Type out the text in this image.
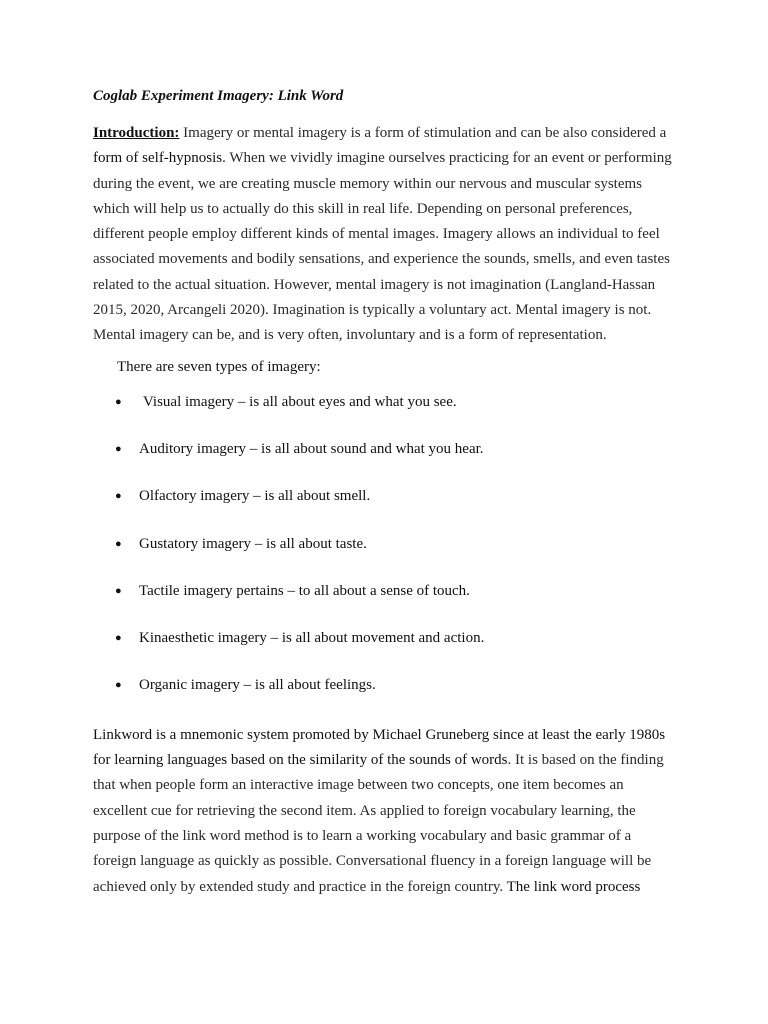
Coglab Experiment Imagery: Link Word

Introduction: Imagery or mental imagery is a form of stimulation and can be also considered a form of self-hypnosis. When we vividly imagine ourselves practicing for an event or performing during the event, we are creating muscle memory within our nervous and muscular systems which will help us to actually do this skill in real life. Depending on personal preferences, different people employ different kinds of mental images. Imagery allows an individual to feel associated movements and bodily sensations, and experience the sounds, smells, and even tastes related to the actual situation. However, mental imagery is not imagination (Langland-Hassan 2015, 2020, Arcangeli 2020). Imagination is typically a voluntary act. Mental imagery is not. Mental imagery can be, and is very often, involuntary and is a form of representation.

There are seven types of imagery:

● Visual imagery – is all about eyes and what you see.
● Auditory imagery – is all about sound and what you hear.
● Olfactory imagery – is all about smell.
● Gustatory imagery – is all about taste.
● Tactile imagery pertains – to all about a sense of touch.
● Kinaesthetic imagery – is all about movement and action.
● Organic imagery – is all about feelings.

Linkword is a mnemonic system promoted by Michael Gruneberg since at least the early 1980s for learning languages based on the similarity of the sounds of words. It is based on the finding that when people form an interactive image between two concepts, one item becomes an excellent cue for retrieving the second item. As applied to foreign vocabulary learning, the purpose of the link word method is to learn a working vocabulary and basic grammar of a foreign language as quickly as possible. Conversational fluency in a foreign language will be achieved only by extended study and practice in the foreign country. The link word process
